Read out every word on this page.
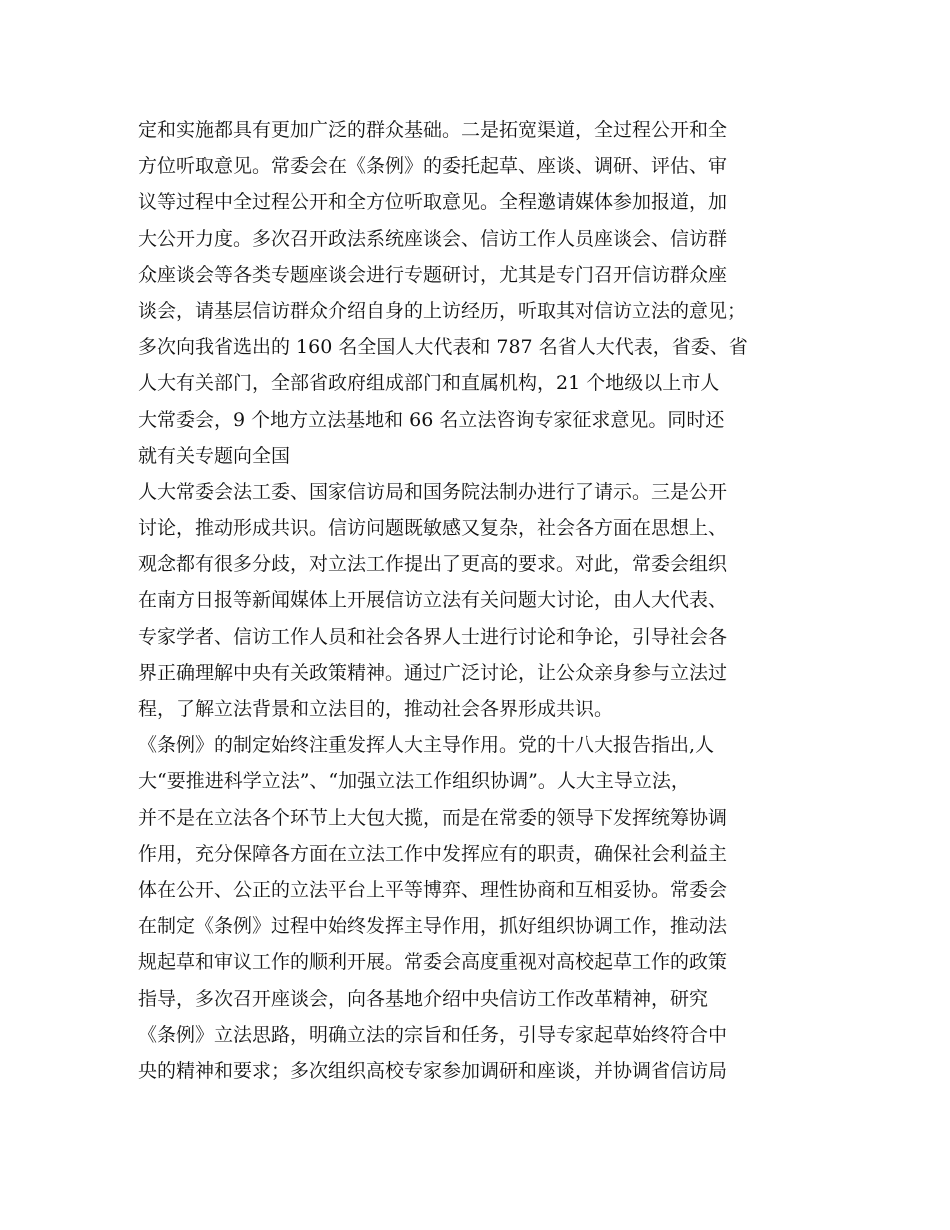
定和实施都具有更加广泛的群众基础。二是拓宽渠道，全过程公开和全
方位听取意见。常委会在《条例》的委托起草、座谈、调研、评估、审
议等过程中全过程公开和全方位听取意见。全程邀请媒体参加报道，加
大公开力度。多次召开政法系统座谈会、信访工作人员座谈会、信访群
众座谈会等各类专题座谈会进行专题研讨，尤其是专门召开信访群众座
谈会，请基层信访群众介绍自身的上访经历，听取其对信访立法的意见；
多次向我省选出的 160 名全国人大代表和 787 名省人大代表，省委、省
人大有关部门，全部省政府组成部门和直属机构，21 个地级以上市人
大常委会，9 个地方立法基地和 66 名立法咨询专家征求意见。同时还
就有关专题向全国
人大常委会法工委、国家信访局和国务院法制办进行了请示。三是公开
讨论，推动形成共识。信访问题既敏感又复杂，社会各方面在思想上、
观念都有很多分歧，对立法工作提出了更高的要求。对此，常委会组织
在南方日报等新闻媒体上开展信访立法有关问题大讨论，由人大代表、
专家学者、信访工作人员和社会各界人士进行讨论和争论，引导社会各
界正确理解中央有关政策精神。通过广泛讨论，让公众亲身参与立法过
程，了解立法背景和立法目的，推动社会各界形成共识。
《条例》的制定始终注重发挥人大主导作用。党的十八大报告指出,人
大“要推进科学立法”、“加强立法工作组织协调”。人大主导立法，
并不是在立法各个环节上大包大揽，而是在常委的领导下发挥统筹协调
作用，充分保障各方面在立法工作中发挥应有的职责，确保社会利益主
体在公开、公正的立法平台上平等博弈、理性协商和互相妥协。常委会
在制定《条例》过程中始终发挥主导作用，抓好组织协调工作，推动法
规起草和审议工作的顺利开展。常委会高度重视对高校起草工作的政策
指导，多次召开座谈会，向各基地介绍中央信访工作改革精神，研究
《条例》立法思路，明确立法的宗旨和任务，引导专家起草始终符合中
央的精神和要求；多次组织高校专家参加调研和座谈，并协调省信访局
